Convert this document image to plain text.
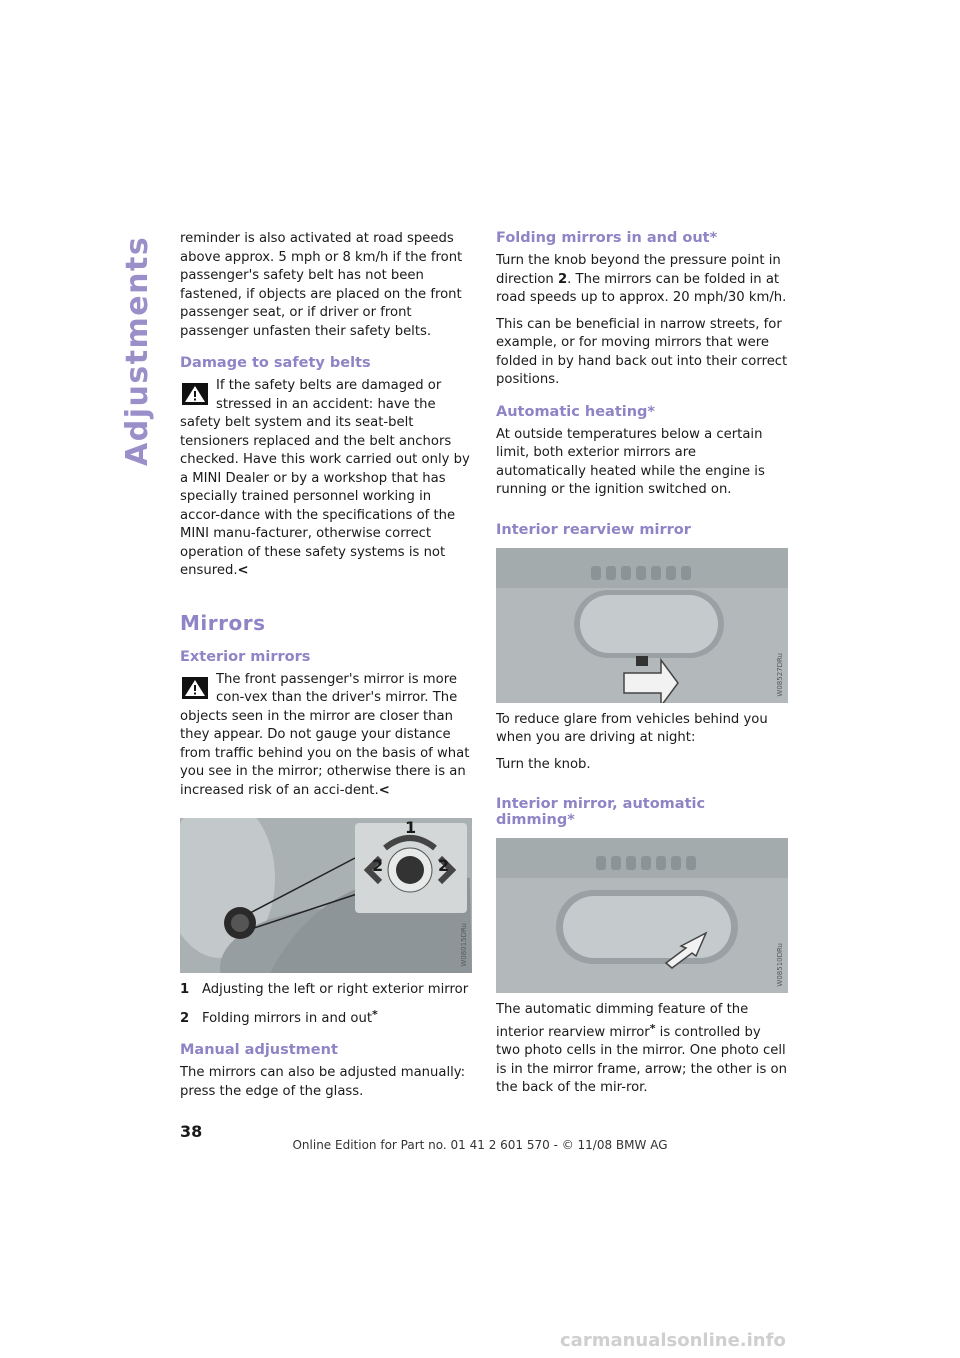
Adjustments reminder is also activated at road speeds above approx. 5 mph or 8 km/h if the front passenger's safety belt has not been fastened, if objects are placed on the front passenger seat, or if driver or front passenger unfasten their safety belts.

Damage to safety belts

If the safety belts are damaged or stressed in an accident: have the safety belt system and its seat-belt tensioners replaced and the belt anchors checked. Have this work carried out only by a MINI Dealer or by a workshop that has specially trained personnel working in accor-dance with the specifications of the MINI manu-facturer, otherwise correct operation of these safety systems is not ensured.<

Mirrors
Exterior mirrors

The front passenger's mirror is more con-vex than the driver's mirror. The objects seen in the mirror are closer than they appear. Do not gauge your distance from traffic behind you on the basis of what you see in the mirror; otherwise there is an increased risk of an acci-dent.<

1
2	2
W08015DRu
1 Adjusting the left or right exterior mirror
2 Folding mirrors in and out*
Manual adjustment

The mirrors can also be adjusted manually: press the edge of the glass.

Folding mirrors in and out*

Turn the knob beyond the pressure point in direction 2. The mirrors can be folded in at road speeds up to approx. 20 mph/30 km/h.

This can be beneficial in narrow streets, for example, or for moving mirrors that were folded in by hand back out into their correct positions.

Automatic heating*

At outside temperatures below a certain limit, both exterior mirrors are automatically heated while the engine is running or the ignition switched on.

Interior rearview mirror
W08527DRu

To reduce glare from vehicles behind you when you are driving at night:

Turn the knob.

Interior mirror, automatic dimming*
W08510DRu

The automatic dimming feature of the interior rearview mirror* is controlled by two photo cells in the mirror. One photo cell is in the mirror frame, arrow; the other is on the back of the mir-ror.

38
Online Edition for Part no. 01 41 2 601 570 - © 11/08 BMW AG
carmanualsonline.info
